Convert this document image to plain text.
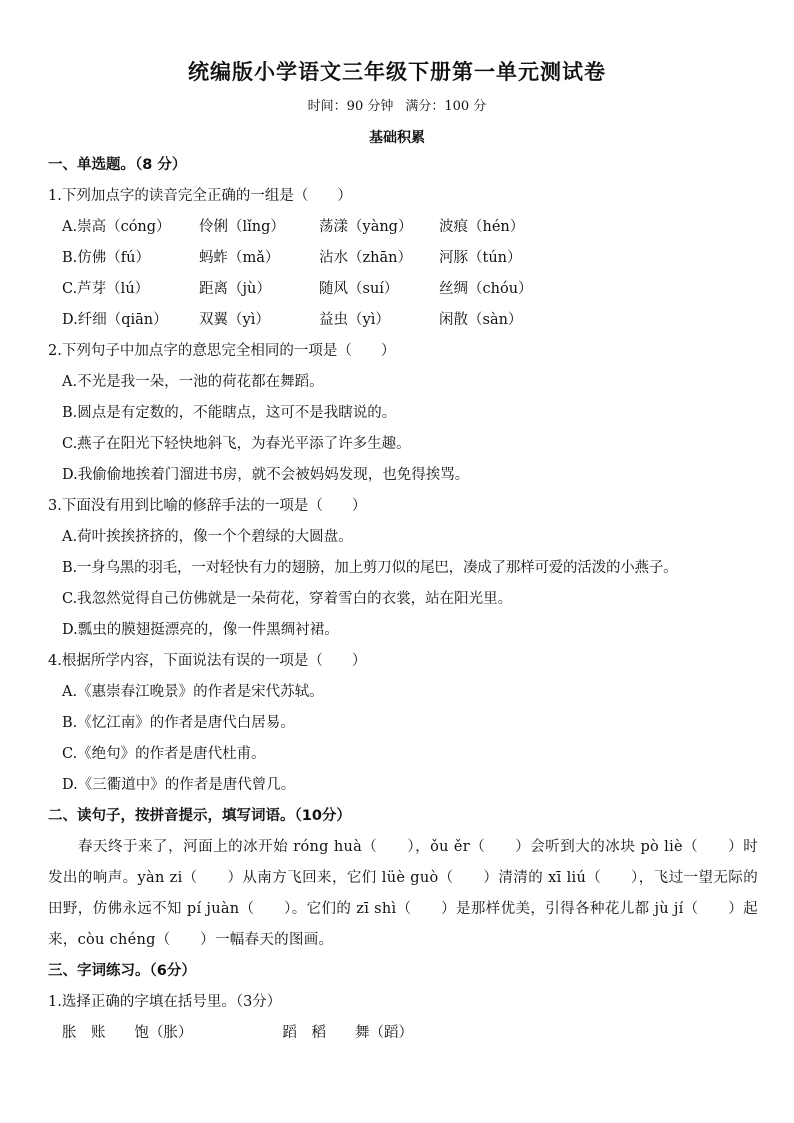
统编版小学语文三年级下册第一单元测试卷
时间：90 分钟 满分：100 分
基础积累
一、单选题。（8 分）
1.下列加点字的读音完全正确的一组是（　　）
A.崇高（cóng）	伶俐（lǐng）	荡漾（yàng）	波痕（hén）
B.仿佛（fú）	蚂蚱（mǎ）	沾水（zhān）	河豚（tún）
C.芦芽（lú）	距离（jù）	随风（suí）	丝绸（chóu）
D.纤细（qiān）	双翼（yì）	益虫（yì）	闲散（sàn）
2.下列句子中加点字的意思完全相同的一项是（　　）
A.不光是我一朵，一池的荷花都在舞蹈。
B.圆点是有定数的，不能瞎点，这可不是我瞎说的。
C.燕子在阳光下轻快地斜飞，为春光平添了许多生趣。
D.我偷偷地挨着门溜进书房，就不会被妈妈发现，也免得挨骂。
3.下面没有用到比喻的修辞手法的一项是（　　）
A.荷叶挨挨挤挤的，像一个个碧绿的大圆盘。
B.一身乌黑的羽毛，一对轻快有力的翅膀，加上剪刀似的尾巴，凑成了那样可爱的活泼的小燕子。
C.我忽然觉得自己仿佛就是一朵荷花，穿着雪白的衣裳，站在阳光里。
D.瓢虫的膜翅挺漂亮的，像一件黑绸衬裙。
4.根据所学内容，下面说法有误的一项是（　　）
A.《惠崇春江晚景》的作者是宋代苏轼。
B.《忆江南》的作者是唐代白居易。
C.《绝句》的作者是唐代杜甫。
D.《三衢道中》的作者是唐代曾几。
二、读句子，按拼音提示，填写词语。（10分）
春天终于来了，河面上的冰开始 róng huà（　　），ǒu ěr（　　）会听到大的冰块 pò liè（　　）时发出的响声。yàn zi（　　）从南方飞回来，它们 lüè guò（　　）清清的 xī liú（　　），飞过一望无际的田野，仿佛永远不知 pí juàn（　　）。它们的 zī shì（　　）是那样优美，引得各种花儿都 jù jí（　　）起来，còu chéng（　　）一幅春天的图画。
三、字词练习。（6分）
1.选择正确的字填在括号里。（3分）
胀　账　　饱（胀）	蹈　稻　　舞（蹈）
